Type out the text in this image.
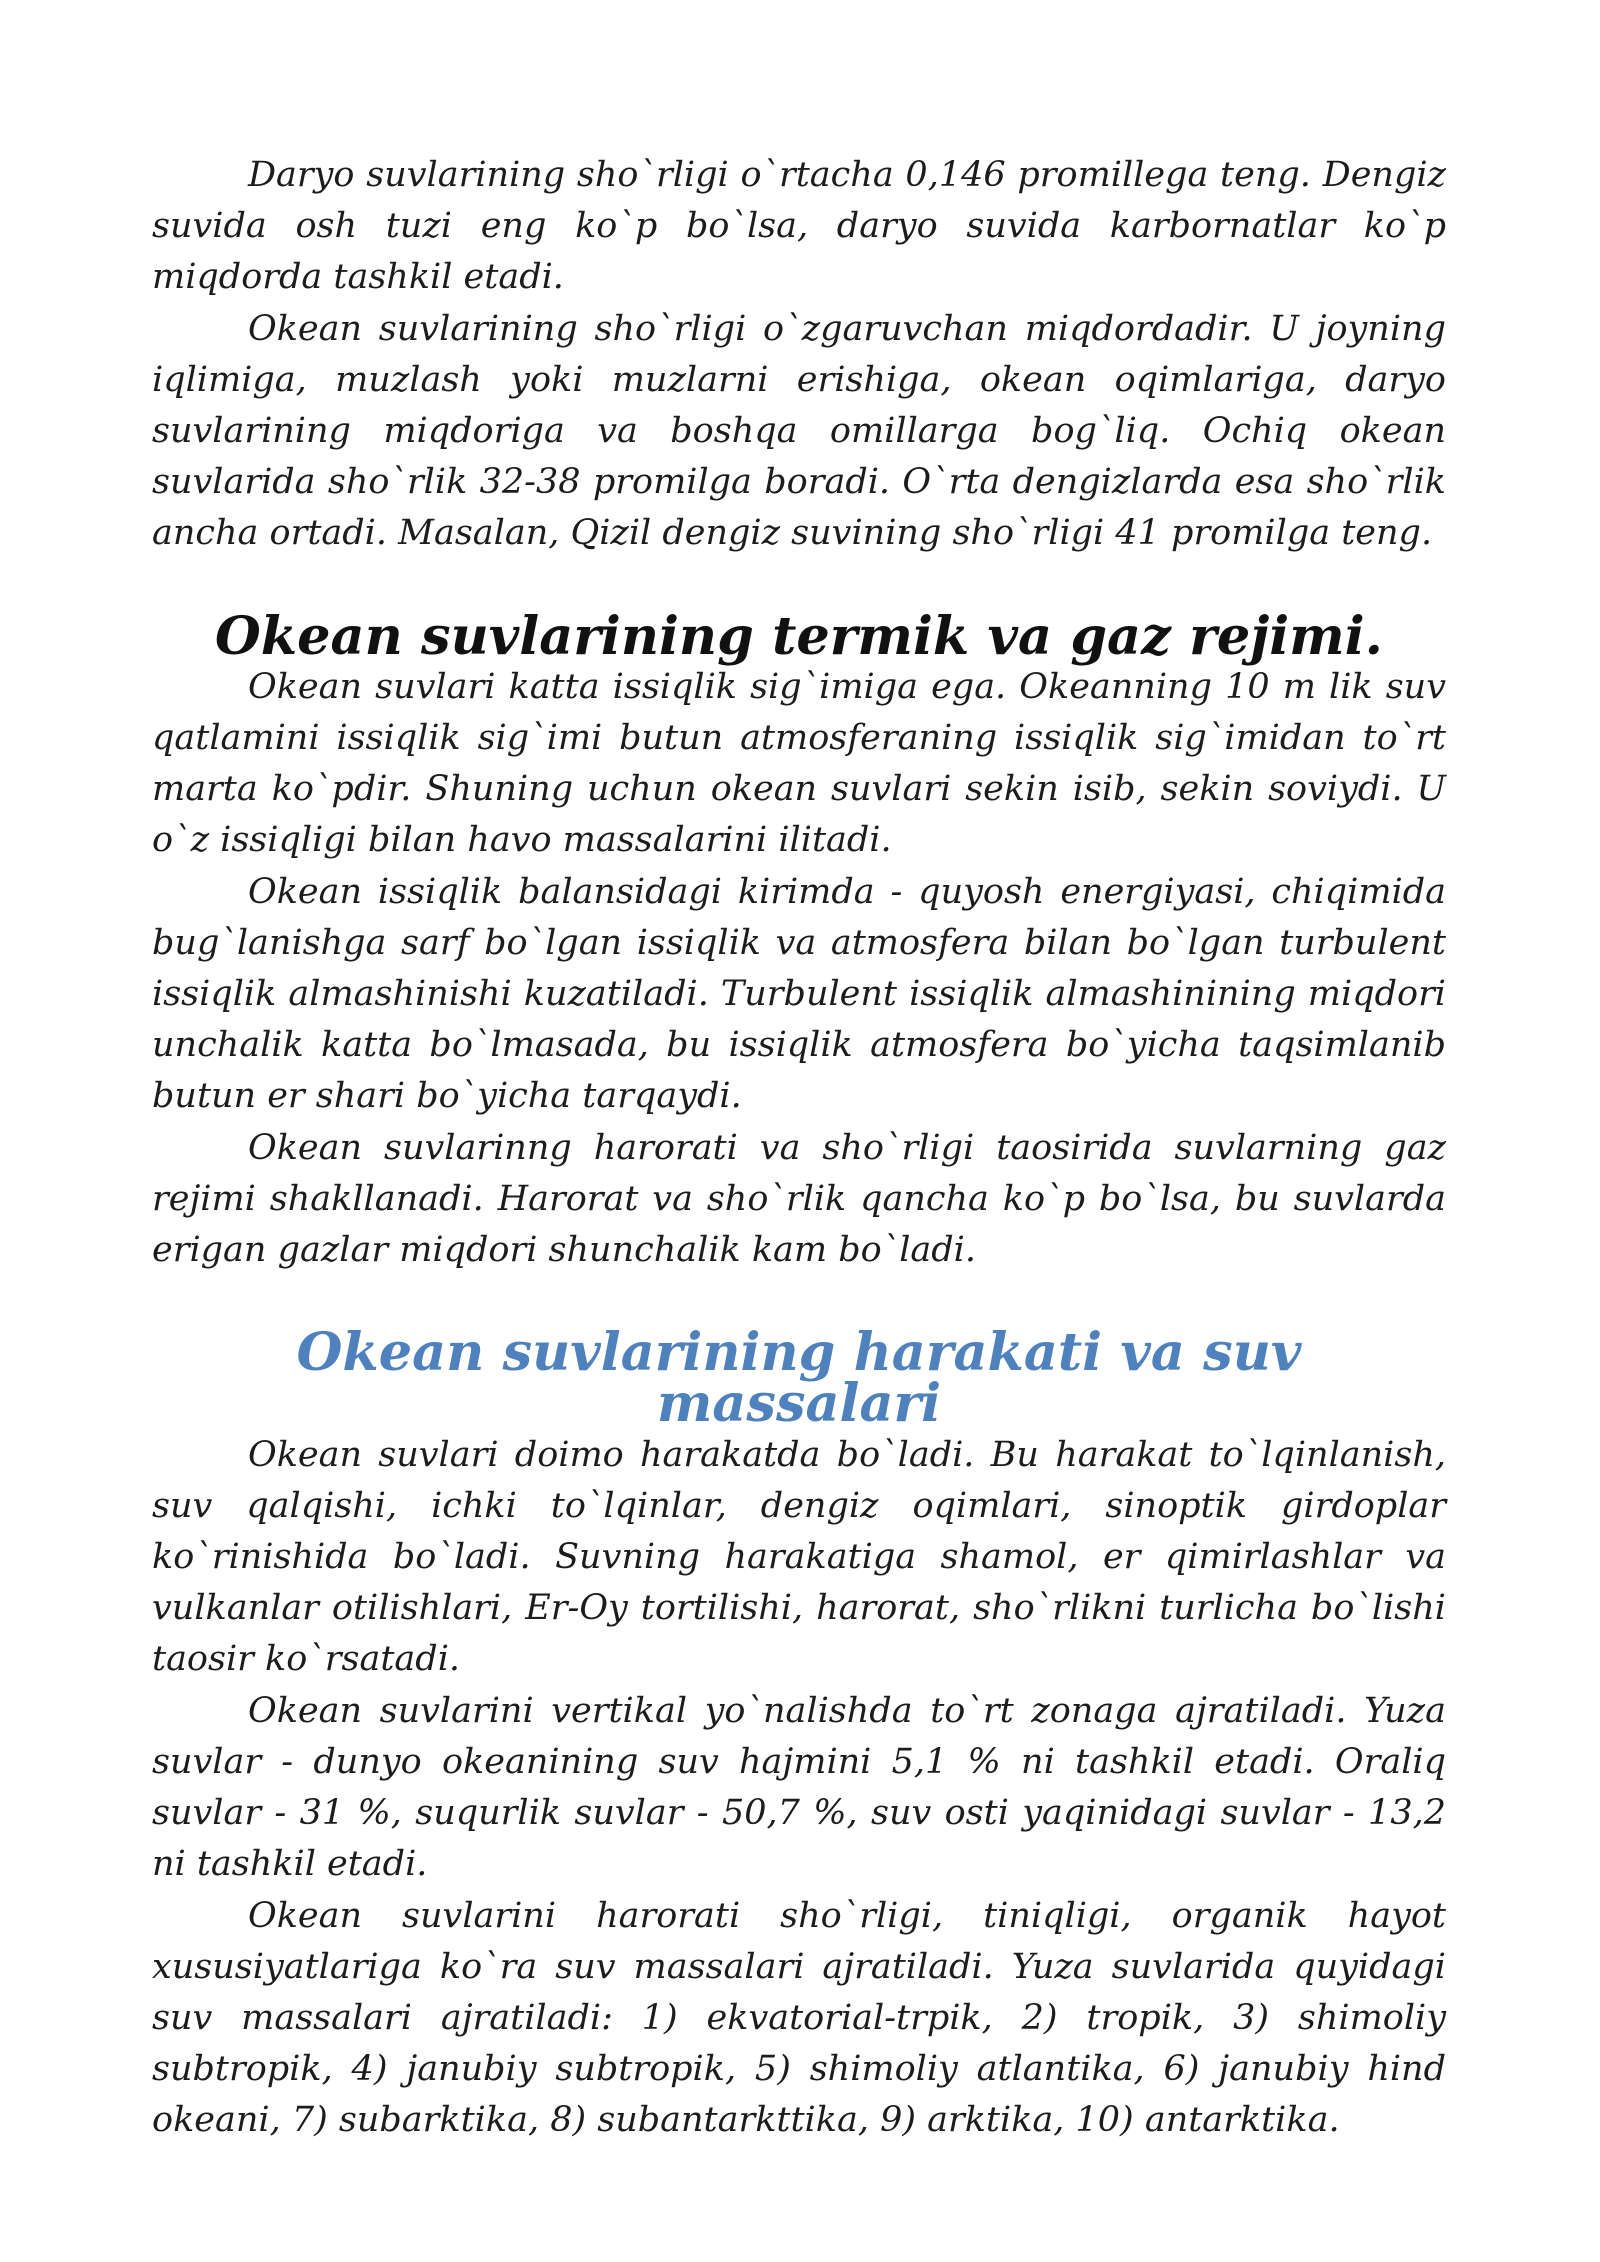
Daryo suvlarining sho`rligi o`rtacha 0,146 promillega teng. Dengiz suvida osh tuzi eng ko`p bo`lsa, daryo suvida karbornatlar ko`p miqdorda tashkil etadi.

Okean suvlarining sho`rligi o`zgaruvchan miqdordadir. U joyning iqlimiga, muzlash yoki muzlarni erishiga, okean oqimlariga, daryo suvlarining miqdoriga va boshqa omillarga bog`liq. Ochiq okean suvlarida sho`rlik 32-38 promilga boradi. O`rta dengizlarda esa sho`rlik ancha ortadi. Masalan, Qizil dengiz suvining sho`rligi 41 promilga teng.

Okean suvlarining termik va gaz rejimi.

Okean suvlari katta issiqlik sig`imiga ega. Okeanning 10 m lik suv qatlamini issiqlik sig`imi butun atmosferaning issiqlik sig`imidan to`rt marta ko`pdir. Shuning uchun okean suvlari sekin isib, sekin soviydi. U o`z issiqligi bilan havo massalarini ilitadi.

Okean issiqlik balansidagi kirimda - quyosh energiyasi, chiqimida bug`lanishga sarf bo`lgan issiqlik va atmosfera bilan bo`lgan turbulent issiqlik almashinishi kuzatiladi. Turbulent issiqlik almashinining miqdori unchalik katta bo`lmasada, bu issiqlik atmosfera bo`yicha taqsimlanib butun er shari bo`yicha tarqaydi.

Okean suvlarinng harorati va sho`rligi taosirida suvlarning gaz rejimi shakllanadi. Harorat va sho`rlik qancha ko`p bo`lsa, bu suvlarda erigan gazlar miqdori shunchalik kam bo`ladi.

Okean suvlarining harakati va suv massalari

Okean suvlari doimo harakatda bo`ladi. Bu harakat to`lqinlanish, suv qalqishi, ichki to`lqinlar, dengiz oqimlari, sinoptik girdoplar ko`rinishida bo`ladi. Suvning harakatiga shamol, er qimirlashlar va vulkanlar otilishlari, Er-Oy tortilishi, harorat, sho`rlikni turlicha bo`lishi taosir ko`rsatadi.

Okean suvlarini vertikal yo`nalishda to`rt zonaga ajratiladi. Yuza suvlar - dunyo okeanining suv hajmini 5,1 % ni tashkil etadi. Oraliq suvlar - 31 %, suqurlik suvlar - 50,7 %, suv osti yaqinidagi suvlar - 13,2 ni tashkil etadi.

Okean suvlarini harorati sho`rligi, tiniqligi, organik hayot xususiyatlariga ko`ra suv massalari ajratiladi. Yuza suvlarida quyidagi suv massalari ajratiladi: 1) ekvatorial-trpik, 2) tropik, 3) shimoliy subtropik, 4) janubiy subtropik, 5) shimoliy atlantika, 6) janubiy hind okeani, 7) subarktika, 8) subantarkttika, 9) arktika, 10) antarktika.
